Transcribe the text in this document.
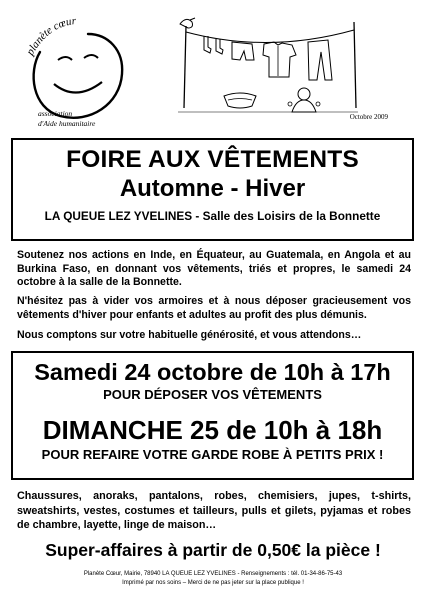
planète cœur
association
d'Aide humanitaire
Octobre 2009
FOIRE AUX VÊTEMENTS
Automne - Hiver
LA QUEUE LEZ YVELINES - Salle des Loisirs de la Bonnette
Soutenez nos actions en Inde, en Équateur, au Guatemala, en Angola et au Burkina Faso, en donnant vos vêtements, triés et propres, le samedi 24 octobre à la salle de la Bonnette.
N'hésitez pas à vider vos armoires et à nous déposer gracieusement vos vêtements d'hiver pour enfants et adultes au profit des plus démunis.
Nous comptons sur votre habituelle générosité, et vous attendons…
Samedi 24 octobre de 10h à 17h
POUR DÉPOSER VOS VÊTEMENTS
DIMANCHE 25 de 10h à 18h
POUR REFAIRE VOTRE GARDE ROBE À PETITS PRIX !
Chaussures, anoraks, pantalons, robes, chemisiers, jupes, t-shirts, sweatshirts, vestes, costumes et tailleurs, pulls et gilets, pyjamas et robes de chambre, layette, linge de maison…
Super-affaires à partir de 0,50€ la pièce !
Planète Cœur, Mairie, 78940 LA QUEUE LEZ YVELINES - Renseignements : tél. 01-34-86-75-43
Imprimé par nos soins – Merci de ne pas jeter sur la place publique !
